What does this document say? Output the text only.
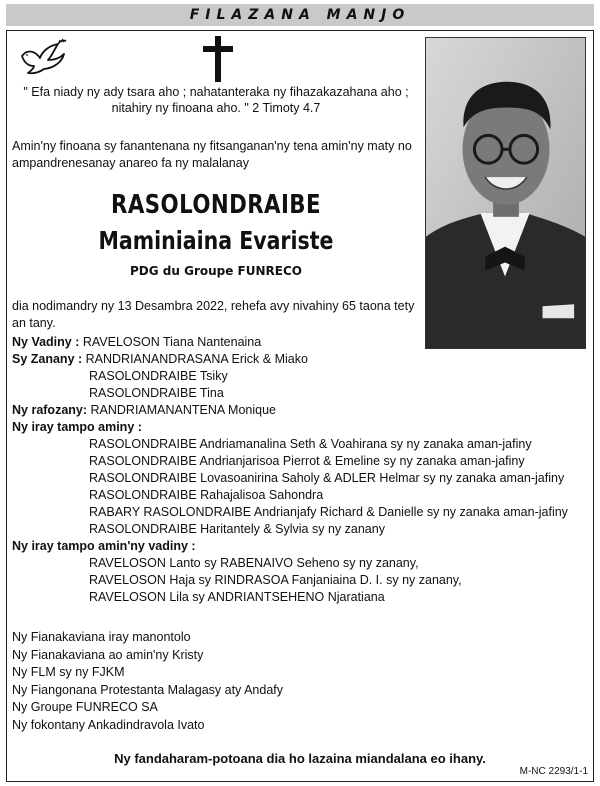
FILAZANA MANJO
" Efa niady ny ady tsara aho ; nahatanteraka ny fihazakazahana aho ;
nitahiry ny finoana aho. " 2 Timoty 4.7
Amin'ny finoana sy fanantenana ny fitsanganan'ny tena amin'ny maty no ampandrenesanay anareo fa ny malalanay
RASOLONDRAIBE
Maminiaina Evariste
PDG du Groupe FUNRECO
dia nodimandry ny 13 Desambra 2022, rehefa avy nivahiny 65 taona tety an tany.
Ny Vadiny : RAVELOSON Tiana Nantenaina
Sy Zanany : RANDRIANANDRASANA Erick & Miako
RASOLONDRAIBE Tsiky
RASOLONDRAIBE Tina
Ny rafozany: RANDRIAMANANTENA Monique
Ny iray tampo aminy :
RASOLONDRAIBE Andriamanalina Seth & Voahirana sy ny zanaka aman-jafiny
RASOLONDRAIBE Andrianjarisoa Pierrot & Emeline sy ny zanaka aman-jafiny
RASOLONDRAIBE Lovasoanirina Saholy & ADLER Helmar sy ny zanaka aman-jafiny
RASOLONDRAIBE Rahajalisoa Sahondra
RABARY RASOLONDRAIBE Andrianjafy Richard & Danielle sy ny zanaka aman-jafiny
RASOLONDRAIBE Haritantely & Sylvia sy ny zanany
Ny iray tampo amin'ny vadiny :
RAVELOSON Lanto sy RABENAIVO Seheno sy ny zanany,
RAVELOSON Haja sy RINDRASOA Fanjaniaina D. I. sy ny zanany,
RAVELOSON Lila sy ANDRIANTSEHENO Njaratiana
Ny Fianakaviana iray manontolo
Ny Fianakaviana ao amin'ny Kristy
Ny FLM sy ny FJKM
Ny Fiangonana Protestanta Malagasy aty Andafy
Ny Groupe FUNRECO SA
Ny fokontany Ankadindravola Ivato
Ny fandaharam-potoana dia ho lazaina miandalana eo ihany.
M-NC 2293/1-1
